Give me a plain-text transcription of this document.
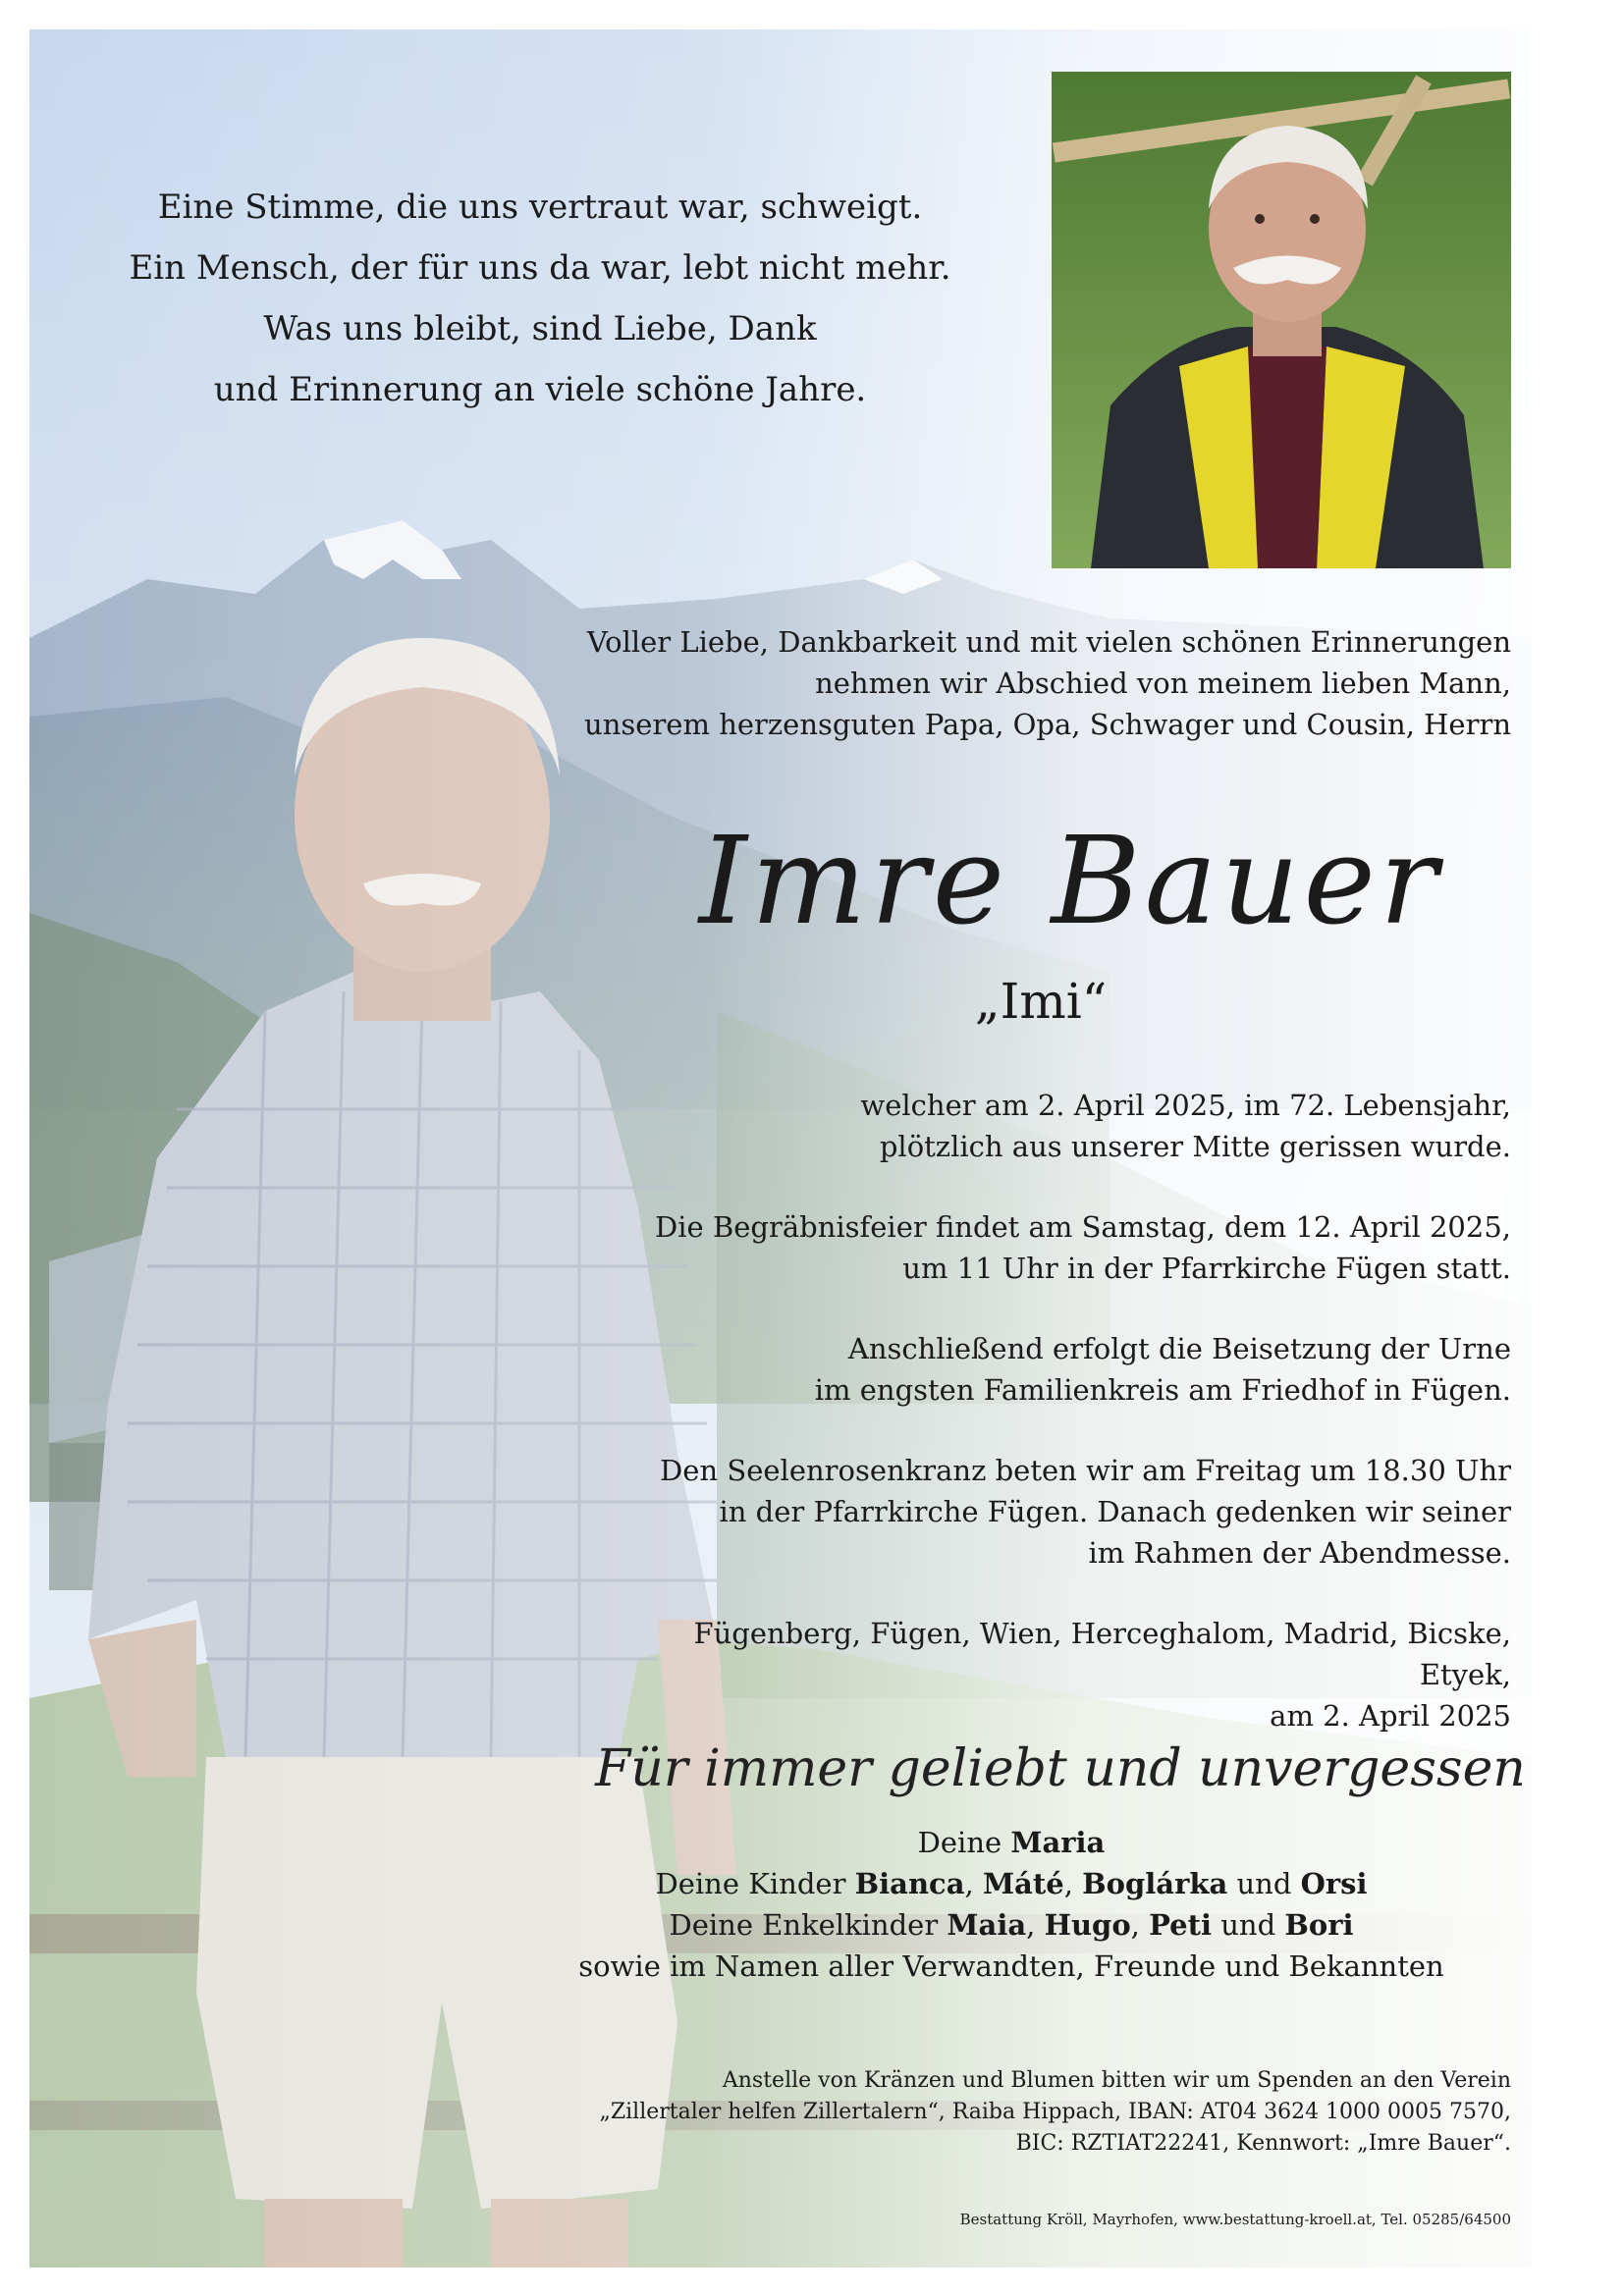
Eine Stimme, die uns vertraut war, schweigt.
Ein Mensch, der für uns da war, lebt nicht mehr.
Was uns bleibt, sind Liebe, Dank
und Erinnerung an viele schöne Jahre.
Voller Liebe, Dankbarkeit und mit vielen schönen Erinnerungen
nehmen wir Abschied von meinem lieben Mann,
unserem herzensguten Papa, Opa, Schwager und Cousin, Herrn
Imre Bauer
„Imi“
welcher am 2. April 2025, im 72. Lebensjahr,
plötzlich aus unserer Mitte gerissen wurde.
Die Begräbnisfeier findet am Samstag, dem 12. April 2025,
um 11 Uhr in der Pfarrkirche Fügen statt.
Anschließend erfolgt die Beisetzung der Urne
im engsten Familienkreis am Friedhof in Fügen.
Den Seelenrosenkranz beten wir am Freitag um 18.30 Uhr
in der Pfarrkirche Fügen. Danach gedenken wir seiner
im Rahmen der Abendmesse.
Fügenberg, Fügen, Wien, Herceghalom, Madrid, Bicske, Etyek,
am 2. April 2025
Für immer geliebt und unvergessen
Deine Maria
Deine Kinder Bianca, Máté, Boglárka und Orsi
Deine Enkelkinder Maia, Hugo, Peti und Bori
sowie im Namen aller Verwandten, Freunde und Bekannten
Anstelle von Kränzen und Blumen bitten wir um Spenden an den Verein
„Zillertaler helfen Zillertalern“, Raiba Hippach, IBAN: AT04 3624 1000 0005 7570,
BIC: RZTIAT22241, Kennwort: „Imre Bauer“.
Bestattung Kröll, Mayrhofen, www.bestattung-kroell.at, Tel. 05285/64500
